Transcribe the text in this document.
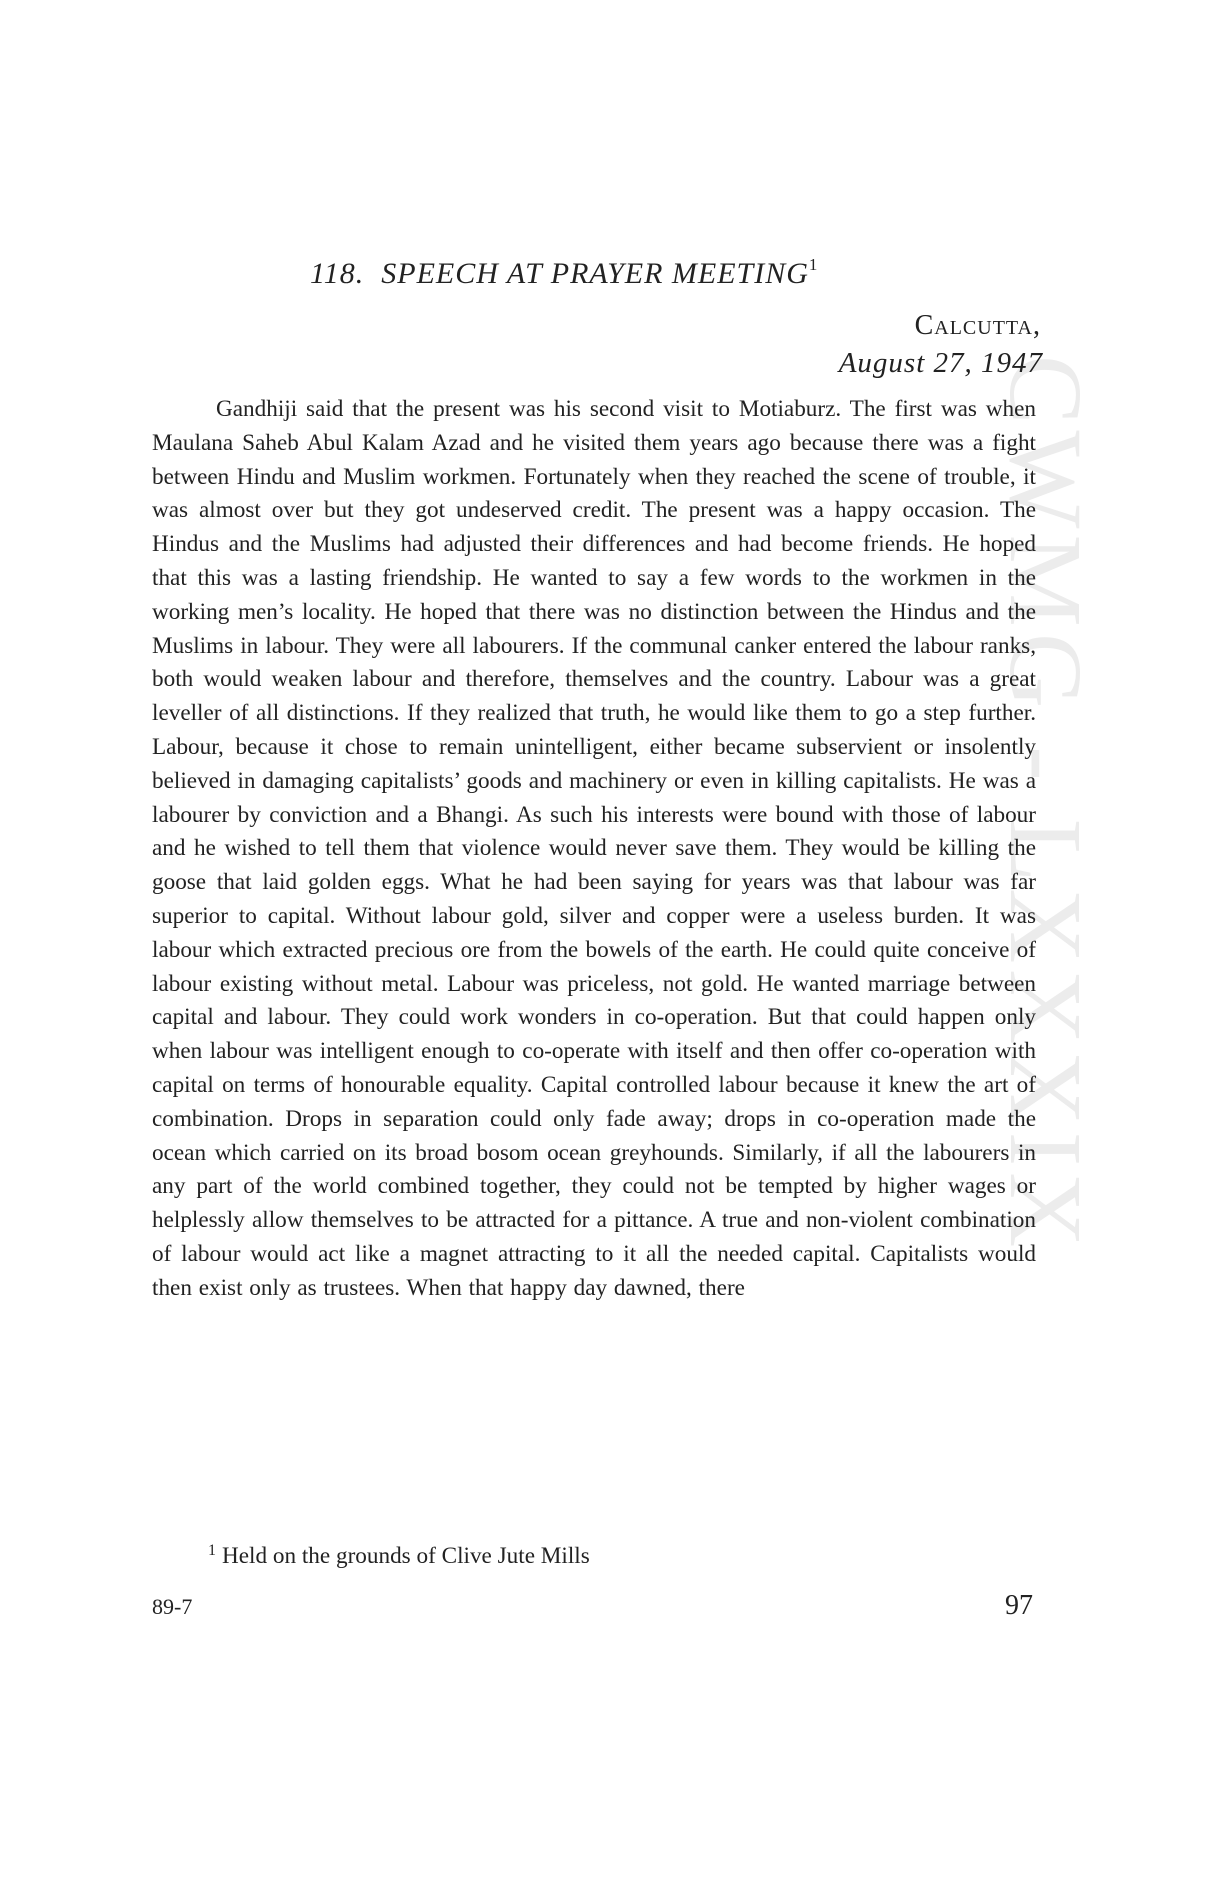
CWMG - LXXXIX
118. SPEECH AT PRAYER MEETING$^1$
Calcutta,
August 27, 1947

Gandhiji said that the present was his second visit to Motiaburz. The first was when Maulana Saheb Abul Kalam Azad and he visited them years ago because there was a fight between Hindu and Muslim workmen. Fortunately when they reached the scene of trouble, it was almost over but they got undeserved credit. The present was a happy occasion. The Hindus and the Muslims had adjusted their differences and had become friends. He hoped that this was a lasting friendship. He wanted to say a few words to the workmen in the working men’s locality. He hoped that there was no distinction between the Hindus and the Muslims in labour. They were all labourers. If the communal canker entered the labour ranks, both would weaken labour and therefore, themselves and the country. Labour was a great leveller of all distinctions. If they realized that truth, he would like them to go a step further. Labour, because it chose to remain unintelligent, either became subservient or insolently believed in damaging capitalists’ goods and machinery or even in killing capitalists. He was a labourer by conviction and a Bhangi. As such his interests were bound with those of labour and he wished to tell them that violence would never save them. They would be killing the goose that laid golden eggs. What he had been saying for years was that labour was far superior to capital. Without labour gold, silver and copper were a useless burden. It was labour which extracted precious ore from the bowels of the earth. He could quite conceive of labour existing without metal. Labour was priceless, not gold. He wanted marriage between capital and labour. They could work wonders in co-operation. But that could happen only when labour was intelligent enough to co-operate with itself and then offer co-operation with capital on terms of honourable equality. Capital controlled labour because it knew the art of combination. Drops in separation could only fade away; drops in co-operation made the ocean which carried on its broad bosom ocean greyhounds. Similarly, if all the labourers in any part of the world combined together, they could not be tempted by higher wages or helplessly allow themselves to be attracted for a pittance. A true and non-violent combination of labour would act like a magnet attracting to it all the needed capital. Capitalists would then exist only as trustees. When that happy day dawned, there

$^1$ Held on the grounds of Clive Jute Mills
89-7	97
